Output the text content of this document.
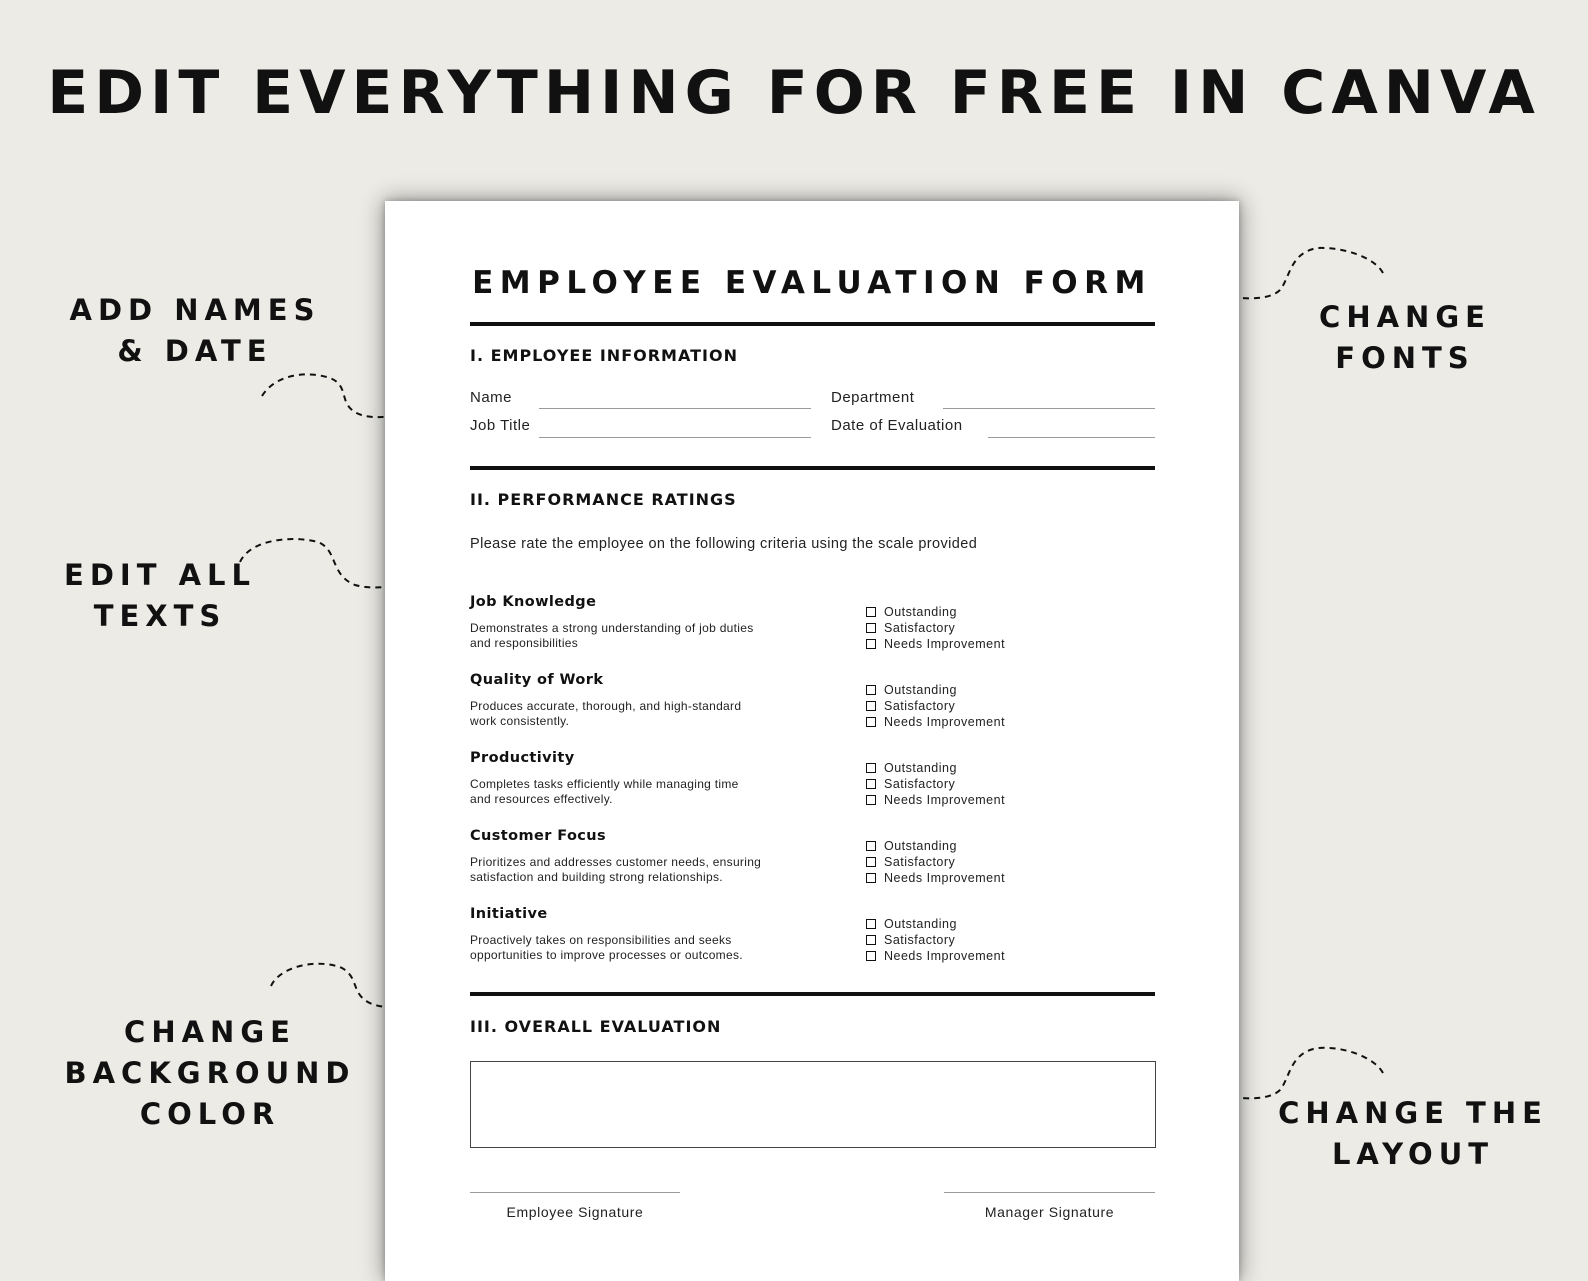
EDIT EVERYTHING FOR FREE IN CANVA
ADD NAMES
& DATE
EDIT ALL
TEXTS
CHANGE
BACKGROUND
COLOR
CHANGE
FONTS
CHANGE THE
LAYOUT
EMPLOYEE EVALUATION FORM
I. EMPLOYEE INFORMATION
Name	Department
Job Title	Date of Evaluation
II. PERFORMANCE RATINGS
Please rate the employee on the following criteria using the scale provided
Job Knowledge
Demonstrates a strong understanding of job duties
and responsibilities
Outstanding
Satisfactory
Needs Improvement
Quality of Work
Produces accurate, thorough, and high-standard
work consistently.
Outstanding
Satisfactory
Needs Improvement
Productivity
Completes tasks efficiently while managing time
and resources effectively.
Outstanding
Satisfactory
Needs Improvement
Customer Focus
Prioritizes and addresses customer needs, ensuring
satisfaction and building strong relationships.
Outstanding
Satisfactory
Needs Improvement
Initiative
Proactively takes on responsibilities and seeks
opportunities to improve processes or outcomes.
Outstanding
Satisfactory
Needs Improvement
III. OVERALL EVALUATION
Employee Signature	Manager Signature
